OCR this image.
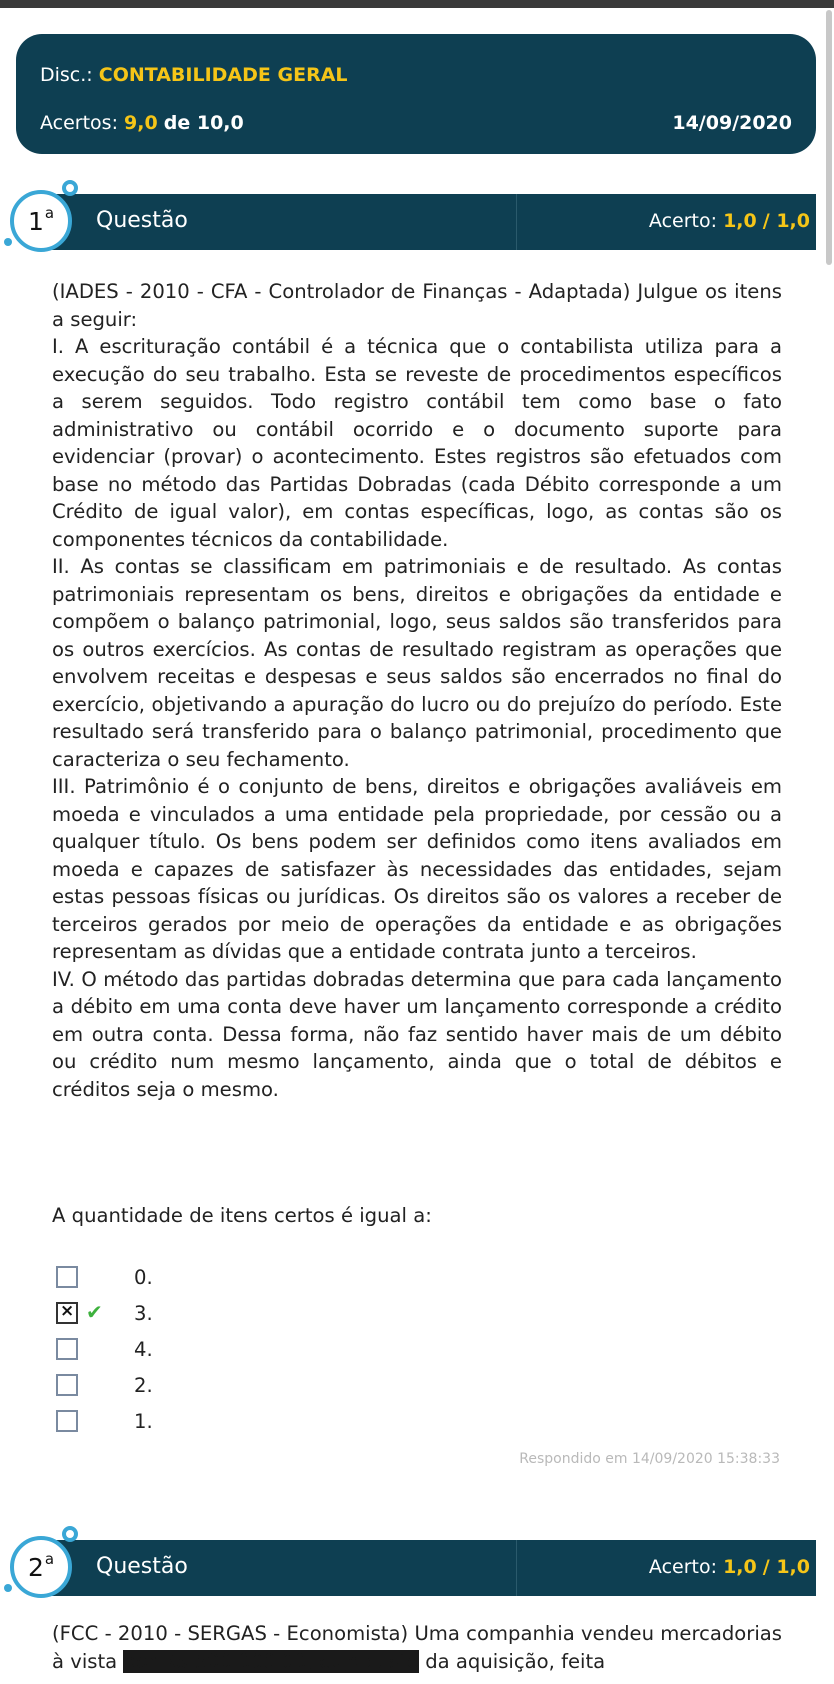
Disc.: CONTABILIDADE GERAL
Acertos: 9,0 de 10,0	14/09/2020
1$^a$ Questão	Acerto: 1,0 / 1,0

(IADES - 2010 - CFA - Controlador de Finanças - Adaptada) Julgue os itens a seguir:

I. A escrituração contábil é a técnica que o contabilista utiliza para a execução do seu trabalho. Esta se reveste de procedimentos específicos a serem seguidos. Todo registro contábil tem como base o fato administrativo ou contábil ocorrido e o documento suporte para evidenciar (provar) o acontecimento. Estes registros são efetuados com base no método das Partidas Dobradas (cada Débito corresponde a um Crédito de igual valor), em contas específicas, logo, as contas são os componentes técnicos da contabilidade.

II. As contas se classificam em patrimoniais e de resultado. As contas patrimoniais representam os bens, direitos e obrigações da entidade e compõem o balanço patrimonial, logo, seus saldos são transferidos para os outros exercícios. As contas de resultado registram as operações que envolvem receitas e despesas e seus saldos são encerrados no final do exercício, objetivando a apuração do lucro ou do prejuízo do período. Este resultado será transferido para o balanço patrimonial, procedimento que caracteriza o seu fechamento.

III. Patrimônio é o conjunto de bens, direitos e obrigações avaliáveis em moeda e vinculados a uma entidade pela propriedade, por cessão ou a qualquer título. Os bens podem ser definidos como itens avaliados em moeda e capazes de satisfazer às necessidades das entidades, sejam estas pessoas físicas ou jurídicas. Os direitos são os valores a receber de terceiros gerados por meio de operações da entidade e as obrigações representam as dívidas que a entidade contrata junto a terceiros.

IV. O método das partidas dobradas determina que para cada lançamento a débito em uma conta deve haver um lançamento corresponde a crédito em outra conta. Dessa forma, não faz sentido haver mais de um débito ou crédito num mesmo lançamento, ainda que o total de débitos e créditos seja o mesmo.

A quantidade de itens certos é igual a:
0.
× ✔ 3.
4.
2.
1.
Respondido em 14/09/2020 15:38:33
2$^a$ Questão	Acerto: 1,0 / 1,0
(FCC - 2010 - SERGAS - Economista) Uma companhia vendeu mercadorias à vista por R$ 500.000,00, cujo custo da aquisição, feita
